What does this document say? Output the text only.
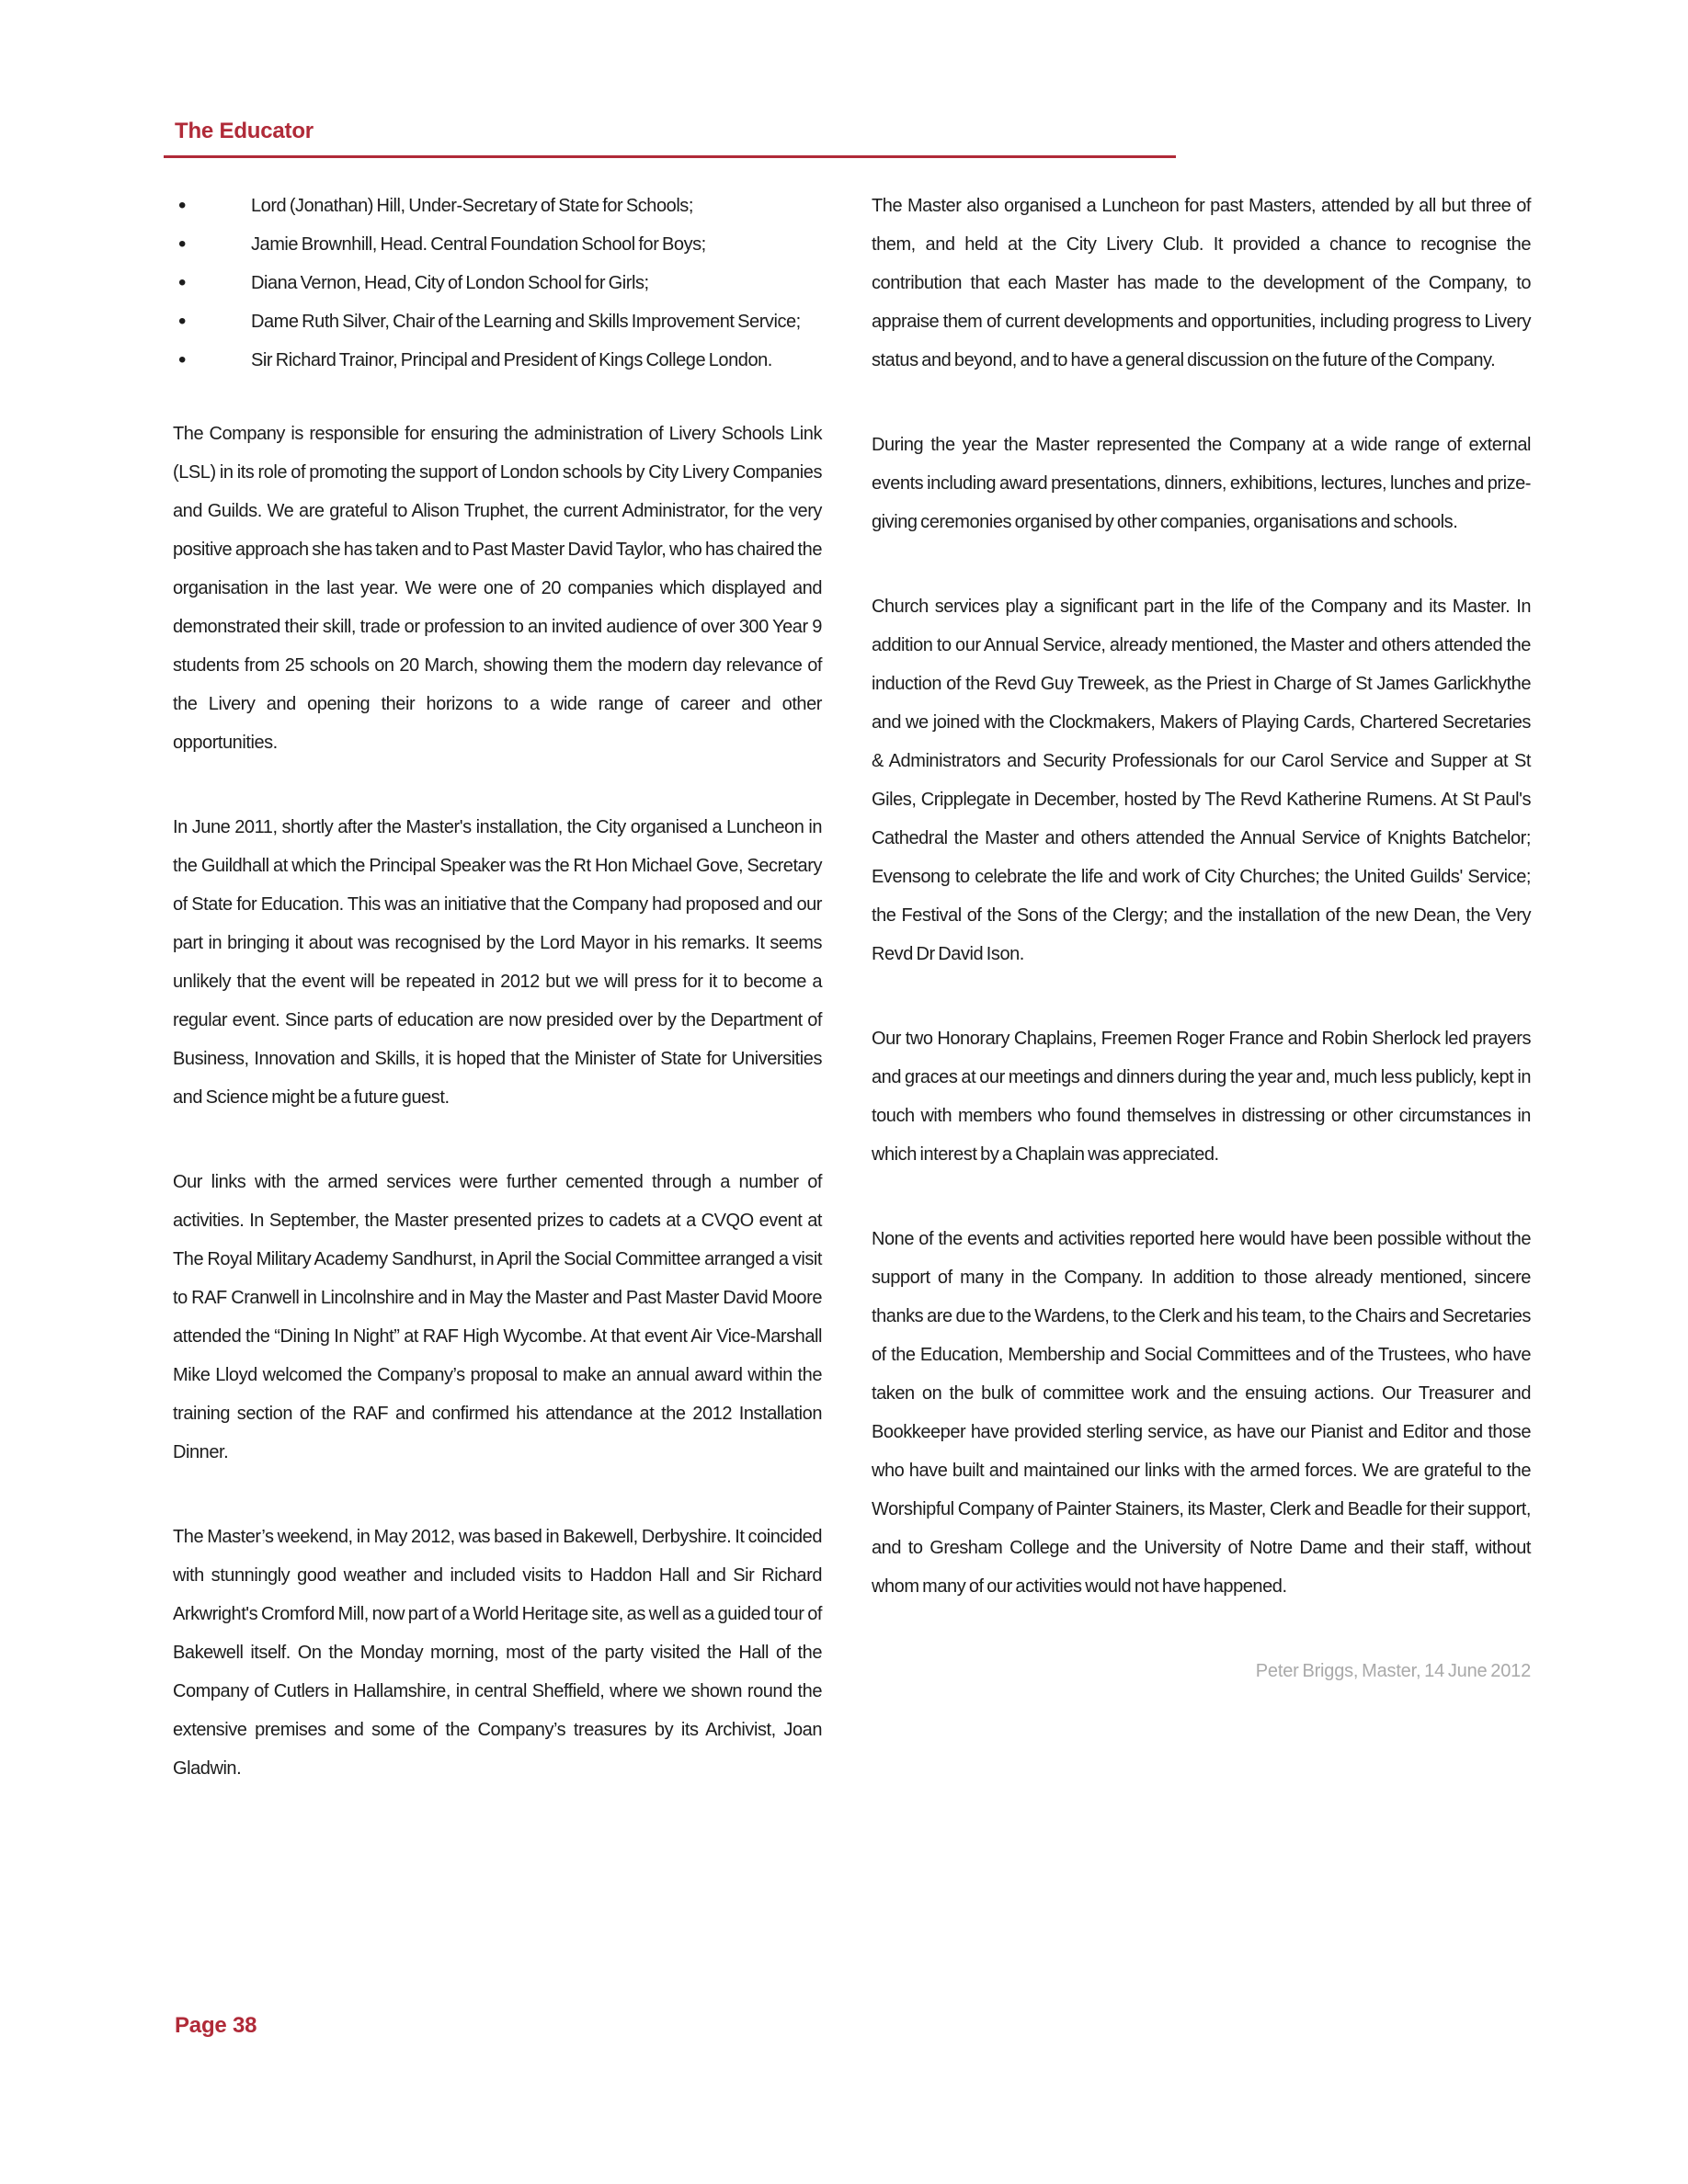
The Educator
• Lord (Jonathan) Hill, Under-Secretary of State for Schools;
• Jamie Brownhill, Head. Central Foundation School for Boys;
• Diana Vernon, Head, City of London School for Girls;
• Dame Ruth Silver, Chair of the Learning and Skills Improvement Service;
• Sir Richard Trainor, Principal and President of Kings College London.

The Company is responsible for ensuring the administration of Livery Schools Link (LSL) in its role of promoting the support of London schools by City Livery Companies and Guilds. We are grateful to Alison Truphet, the current Administrator, for the very positive approach she has taken and to Past Master David Taylor, who has chaired the organisation in the last year. We were one of 20 companies which displayed and demonstrated their skill, trade or profession to an invited audience of over 300 Year 9 students from 25 schools on 20 March, showing them the modern day relevance of the Livery and opening their horizons to a wide range of career and other opportunities.

In June 2011, shortly after the Master's installation, the City organised a Luncheon in the Guildhall at which the Principal Speaker was the Rt Hon Michael Gove, Secretary of State for Education. This was an initiative that the Company had proposed and our part in bringing it about was recognised by the Lord Mayor in his remarks. It seems unlikely that the event will be repeated in 2012 but we will press for it to become a regular event. Since parts of education are now presided over by the Department of Business, Innovation and Skills, it is hoped that the Minister of State for Universities and Science might be a future guest.

Our links with the armed services were further cemented through a number of activities. In September, the Master presented prizes to cadets at a CVQO event at The Royal Military Academy Sandhurst, in April the Social Committee arranged a visit to RAF Cranwell in Lincolnshire and in May the Master and Past Master David Moore attended the “Dining In Night” at RAF High Wycombe. At that event Air Vice-Marshall Mike Lloyd welcomed the Company’s proposal to make an annual award within the training section of the RAF and confirmed his attendance at the 2012 Installation Dinner.

The Master’s weekend, in May 2012, was based in Bakewell, Derbyshire. It coincided with stunningly good weather and included visits to Haddon Hall and Sir Richard Arkwright's Cromford Mill, now part of a World Heritage site, as well as a guided tour of Bakewell itself. On the Monday morning, most of the party visited the Hall of the Company of Cutlers in Hallamshire, in central Sheffield, where we shown round the extensive premises and some of the Company’s treasures by its Archivist, Joan Gladwin.

The Master also organised a Luncheon for past Masters, attended by all but three of them, and held at the City Livery Club. It provided a chance to recognise the contribution that each Master has made to the development of the Company, to appraise them of current developments and opportunities, including progress to Livery status and beyond, and to have a general discussion on the future of the Company.

During the year the Master represented the Company at a wide range of external events including award presentations, dinners, exhibitions, lectures, lunches and prize-giving ceremonies organised by other companies, organisations and schools.

Church services play a significant part in the life of the Company and its Master. In addition to our Annual Service, already mentioned, the Master and others attended the induction of the Revd Guy Treweek, as the Priest in Charge of St James Garlickhythe and we joined with the Clockmakers, Makers of Playing Cards, Chartered Secretaries & Administrators and Security Professionals for our Carol Service and Supper at St Giles, Cripplegate in December, hosted by The Revd Katherine Rumens. At St Paul's Cathedral the Master and others attended the Annual Service of Knights Batchelor; Evensong to celebrate the life and work of City Churches; the United Guilds' Service; the Festival of the Sons of the Clergy; and the installation of the new Dean, the Very Revd Dr David Ison.

Our two Honorary Chaplains, Freemen Roger France and Robin Sherlock led prayers and graces at our meetings and dinners during the year and, much less publicly, kept in touch with members who found themselves in distressing or other circumstances in which interest by a Chaplain was appreciated.

None of the events and activities reported here would have been possible without the support of many in the Company. In addition to those already mentioned, sincere thanks are due to the Wardens, to the Clerk and his team, to the Chairs and Secretaries of the Education, Membership and Social Committees and of the Trustees, who have taken on the bulk of committee work and the ensuing actions. Our Treasurer and Bookkeeper have provided sterling service, as have our Pianist and Editor and those who have built and maintained our links with the armed forces. We are grateful to the Worshipful Company of Painter Stainers, its Master, Clerk and Beadle for their support, and to Gresham College and the University of Notre Dame and their staff, without whom many of our activities would not have happened.

Peter Briggs, Master, 14 June 2012
Page 38
